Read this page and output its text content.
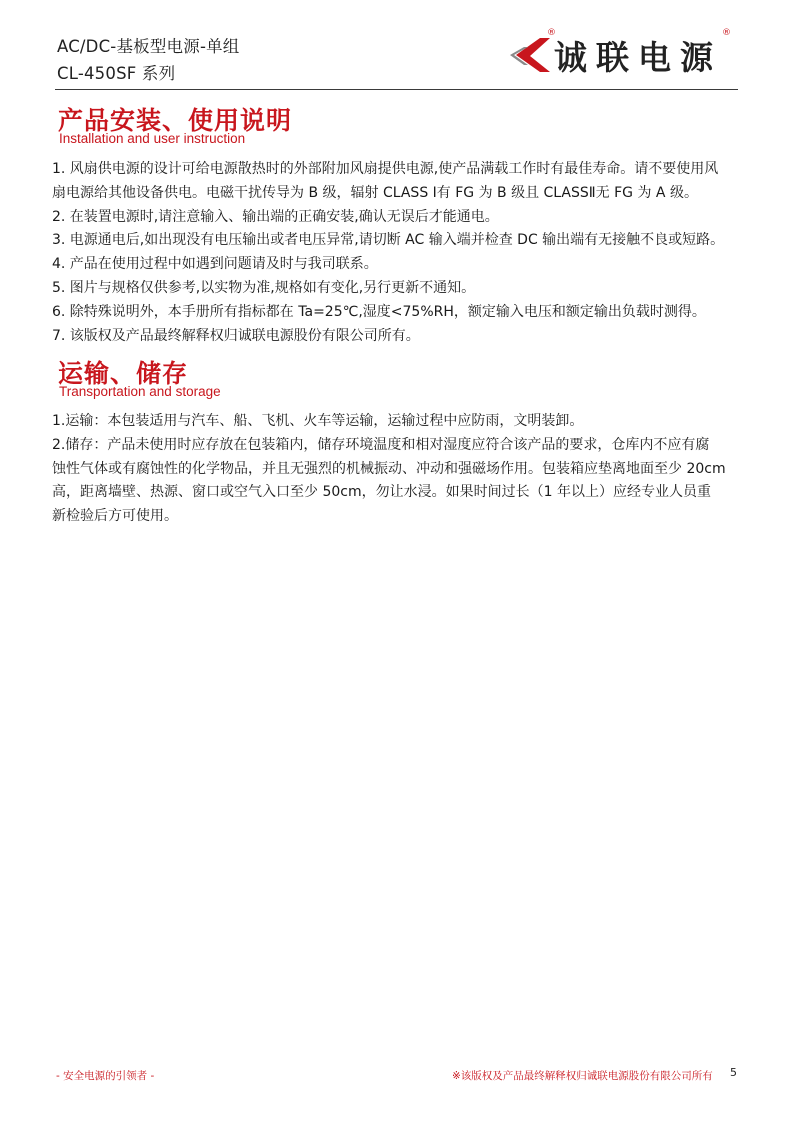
AC/DC-基板型电源-单组
CL-450SF 系列	诚联电源
®	®
产品安装、使用说明
Installation and user instruction

1. 风扇供电源的设计可给电源散热时的外部附加风扇提供电源,使产品满载工作时有最佳寿命。请不要使用风

扇电源给其他设备供电。电磁干扰传导为 B 级，辐射 CLASS Ⅰ有 FG 为 B 级且 CLASSⅡ无 FG 为 A 级。

2. 在装置电源时,请注意输入、输出端的正确安装,确认无误后才能通电。

3. 电源通电后,如出现没有电压输出或者电压异常,请切断 AC 输入端并检查 DC 输出端有无接触不良或短路。

4. 产品在使用过程中如遇到问题请及时与我司联系。

5. 图片与规格仅供参考,以实物为准,规格如有变化,另行更新不通知。

6. 除特殊说明外，本手册所有指标都在 Ta=25℃,湿度<75%RH，额定输入电压和额定输出负载时测得。

7. 该版权及产品最终解释权归诚联电源股份有限公司所有。

运输、储存
Transportation and storage

1.运输：本包装适用与汽车、船、飞机、火车等运输，运输过程中应防雨，文明装卸。

2.储存：产品未使用时应存放在包装箱内，储存环境温度和相对湿度应符合该产品的要求，仓库内不应有腐

蚀性气体或有腐蚀性的化学物品，并且无强烈的机械振动、冲动和强磁场作用。包装箱应垫离地面至少 20cm

高，距离墙壁、热源、窗口或空气入口至少 50cm，勿让水浸。如果时间过长（1 年以上）应经专业人员重

新检验后方可使用。

- 安全电源的引领者 -	※该版权及产品最终解释权归诚联电源股份有限公司所有 5
